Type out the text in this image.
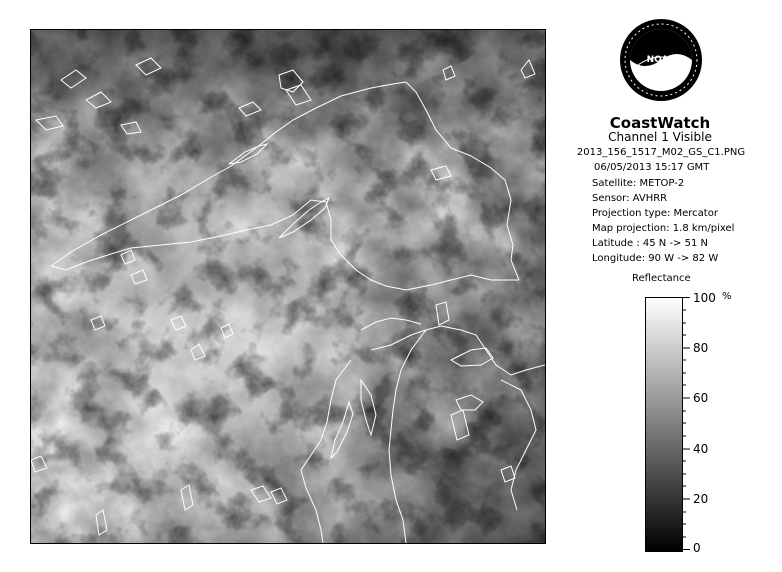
NOAA
CoastWatch
Channel 1 Visible
2013_156_1517_M02_GS_C1.PNG
06/05/2013 15:17 GMT
Satellite: METOP-2
Sensor: AVHRR
Projection type: Mercator
Map projection: 1.8 km/pixel
Latitude : 45 N -> 51 N
Longitude: 90 W -> 82 W
Reflectance
%
100
80
60
40
20
0
